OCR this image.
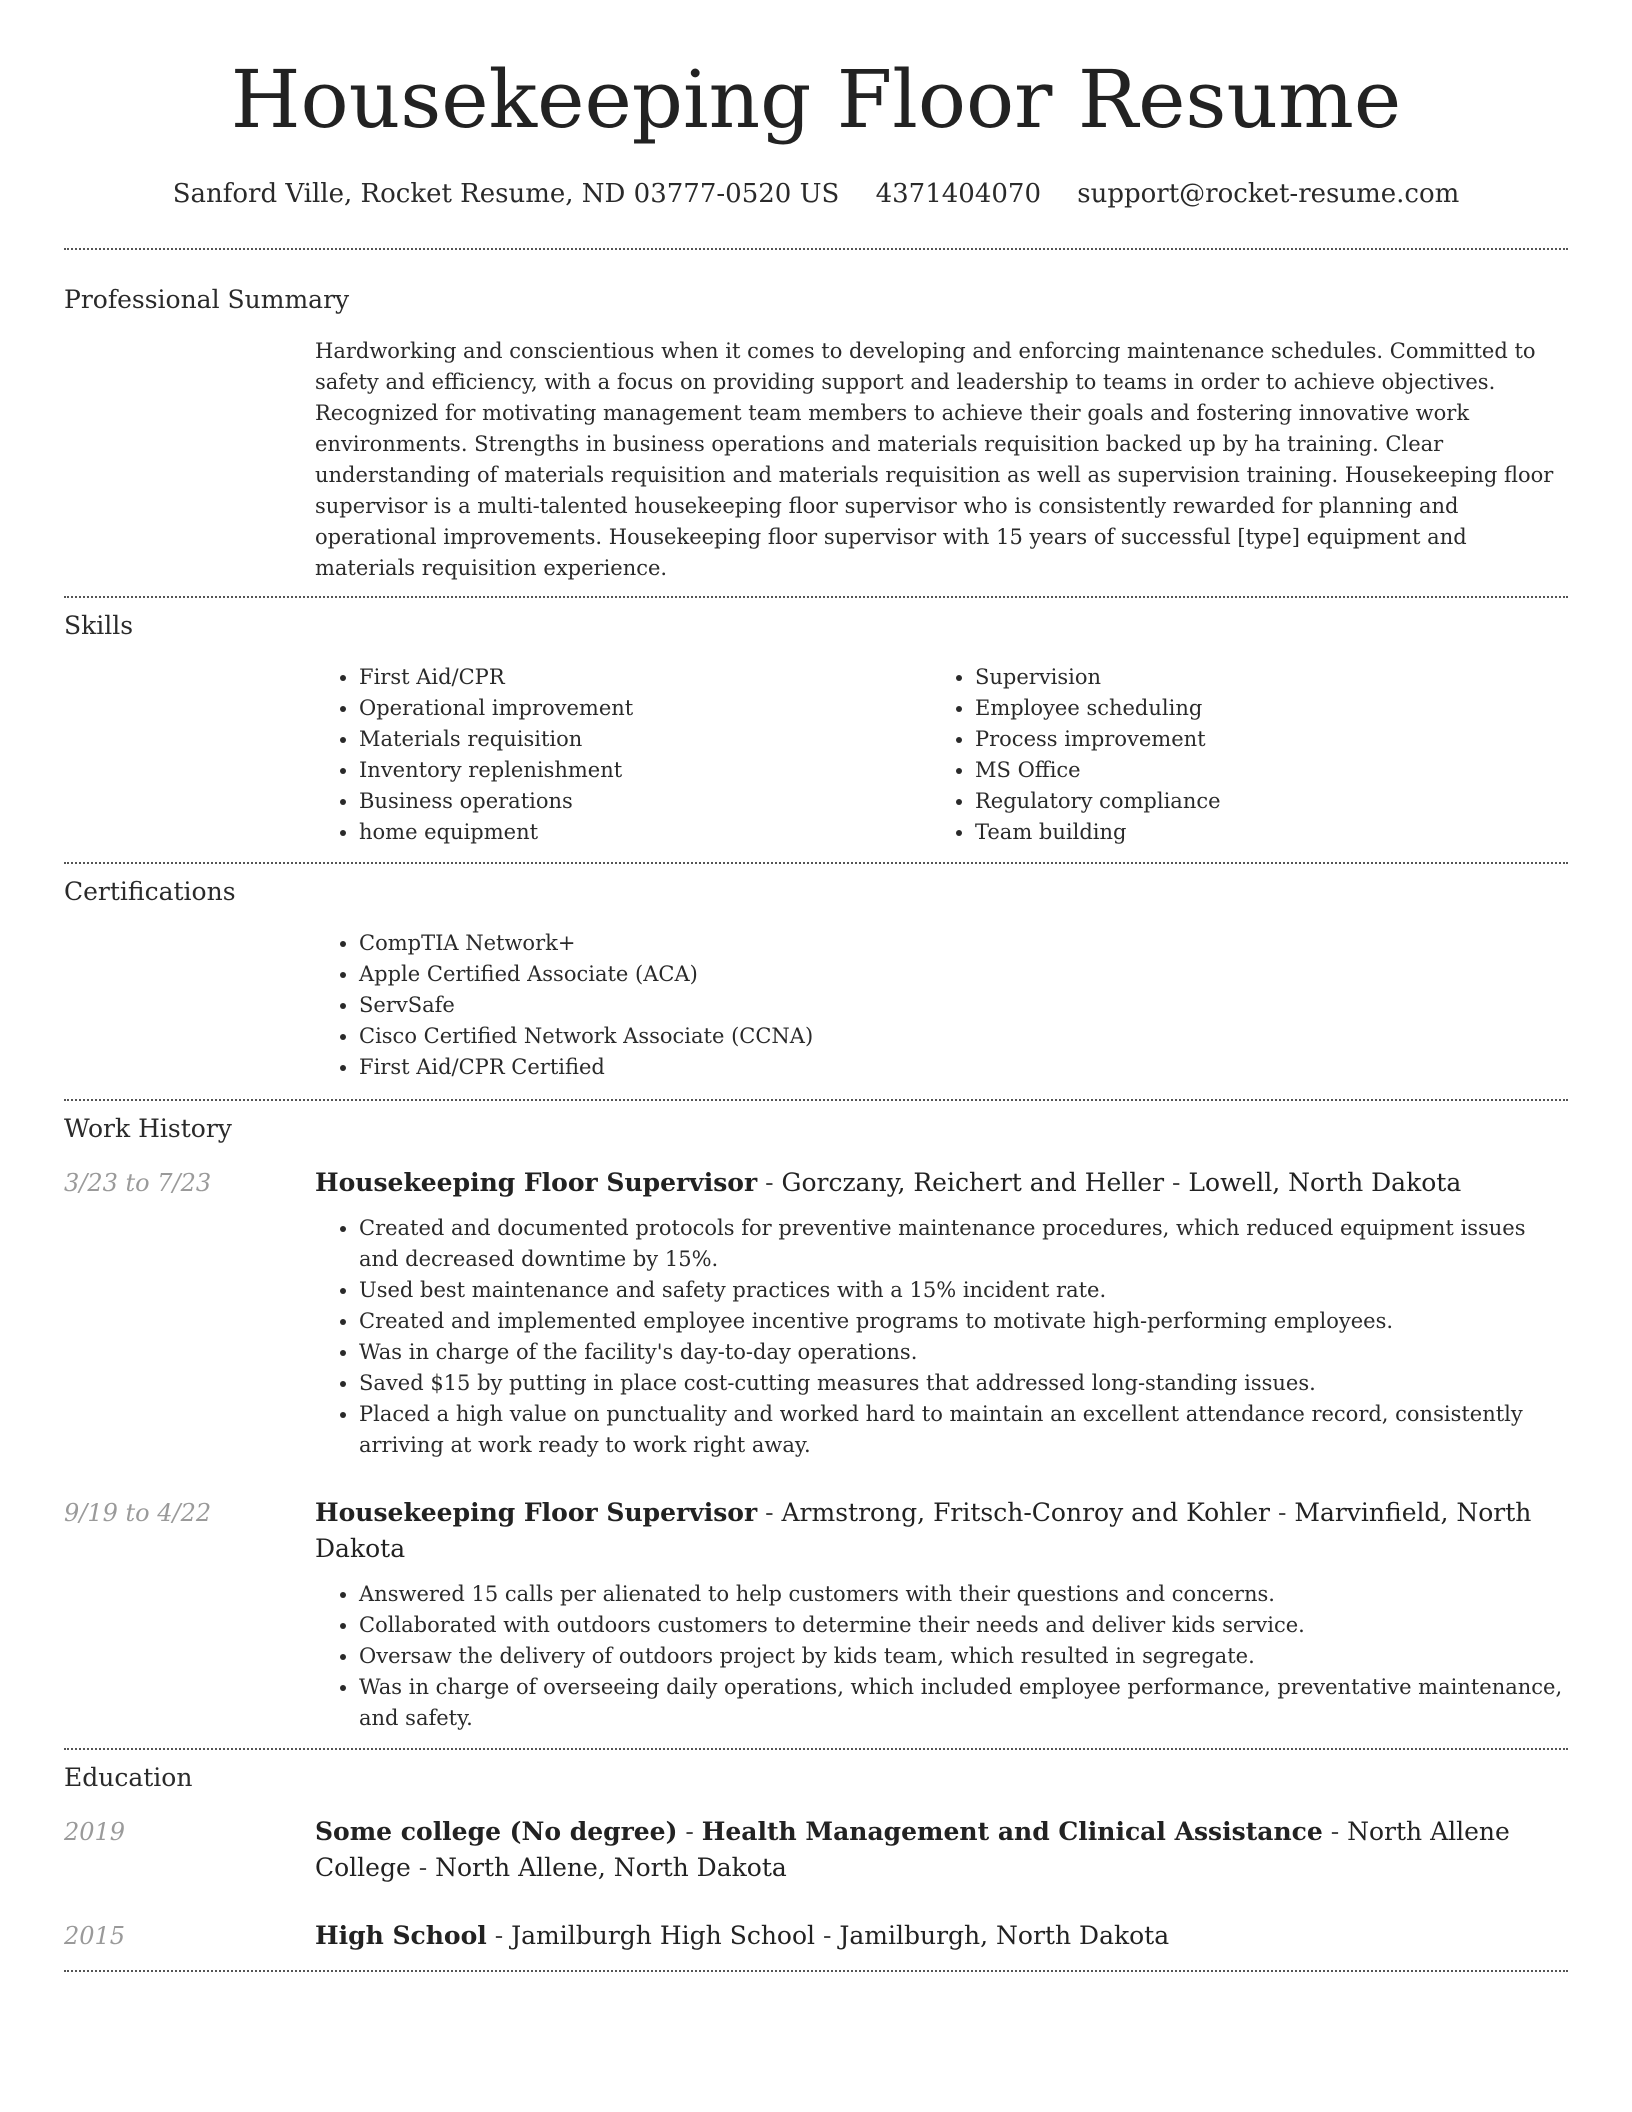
Housekeeping Floor Resume
Sanford Ville, Rocket Resume, ND 03777-0520 US 4371404070 support@rocket-resume.com
Professional Summary
Hardworking and conscientious when it comes to developing and enforcing maintenance schedules. Committed to safety and efficiency, with a focus on providing support and leadership to teams in order to achieve objectives. Recognized for motivating management team members to achieve their goals and fostering innovative work environments. Strengths in business operations and materials requisition backed up by ha training. Clear understanding of materials requisition and materials requisition as well as supervision training. Housekeeping floor supervisor is a multi-talented housekeeping floor supervisor who is consistently rewarded for planning and operational improvements. Housekeeping floor supervisor with 15 years of successful [type] equipment and materials requisition experience.
Skills
• First Aid/CPR
• Operational improvement
• Materials requisition
• Inventory replenishment
• Business operations
• home equipment
• Supervision
• Employee scheduling
• Process improvement
• MS Office
• Regulatory compliance
• Team building
Certifications
• CompTIA Network+
• Apple Certified Associate (ACA)
• ServSafe
• Cisco Certified Network Associate (CCNA)
• First Aid/CPR Certified
Work History
3/23 to 7/23	Housekeeping Floor Supervisor - Gorczany, Reichert and Heller - Lowell, North Dakota
• Created and documented protocols for preventive maintenance procedures, which reduced equipment issues and decreased downtime by 15%.
• Used best maintenance and safety practices with a 15% incident rate.
• Created and implemented employee incentive programs to motivate high-performing employees.
• Was in charge of the facility's day-to-day operations.
• Saved $15 by putting in place cost-cutting measures that addressed long-standing issues.
• Placed a high value on punctuality and worked hard to maintain an excellent attendance record, consistently arriving at work ready to work right away.
9/19 to 4/22	Housekeeping Floor Supervisor - Armstrong, Fritsch-Conroy and Kohler - Marvinfield, North Dakota
• Answered 15 calls per alienated to help customers with their questions and concerns.
• Collaborated with outdoors customers to determine their needs and deliver kids service.
• Oversaw the delivery of outdoors project by kids team, which resulted in segregate.
• Was in charge of overseeing daily operations, which included employee performance, preventative maintenance, and safety.
Education
2019	Some college (No degree) - Health Management and Clinical Assistance - North Allene College - North Allene, North Dakota
2015	High School - Jamilburgh High School - Jamilburgh, North Dakota
